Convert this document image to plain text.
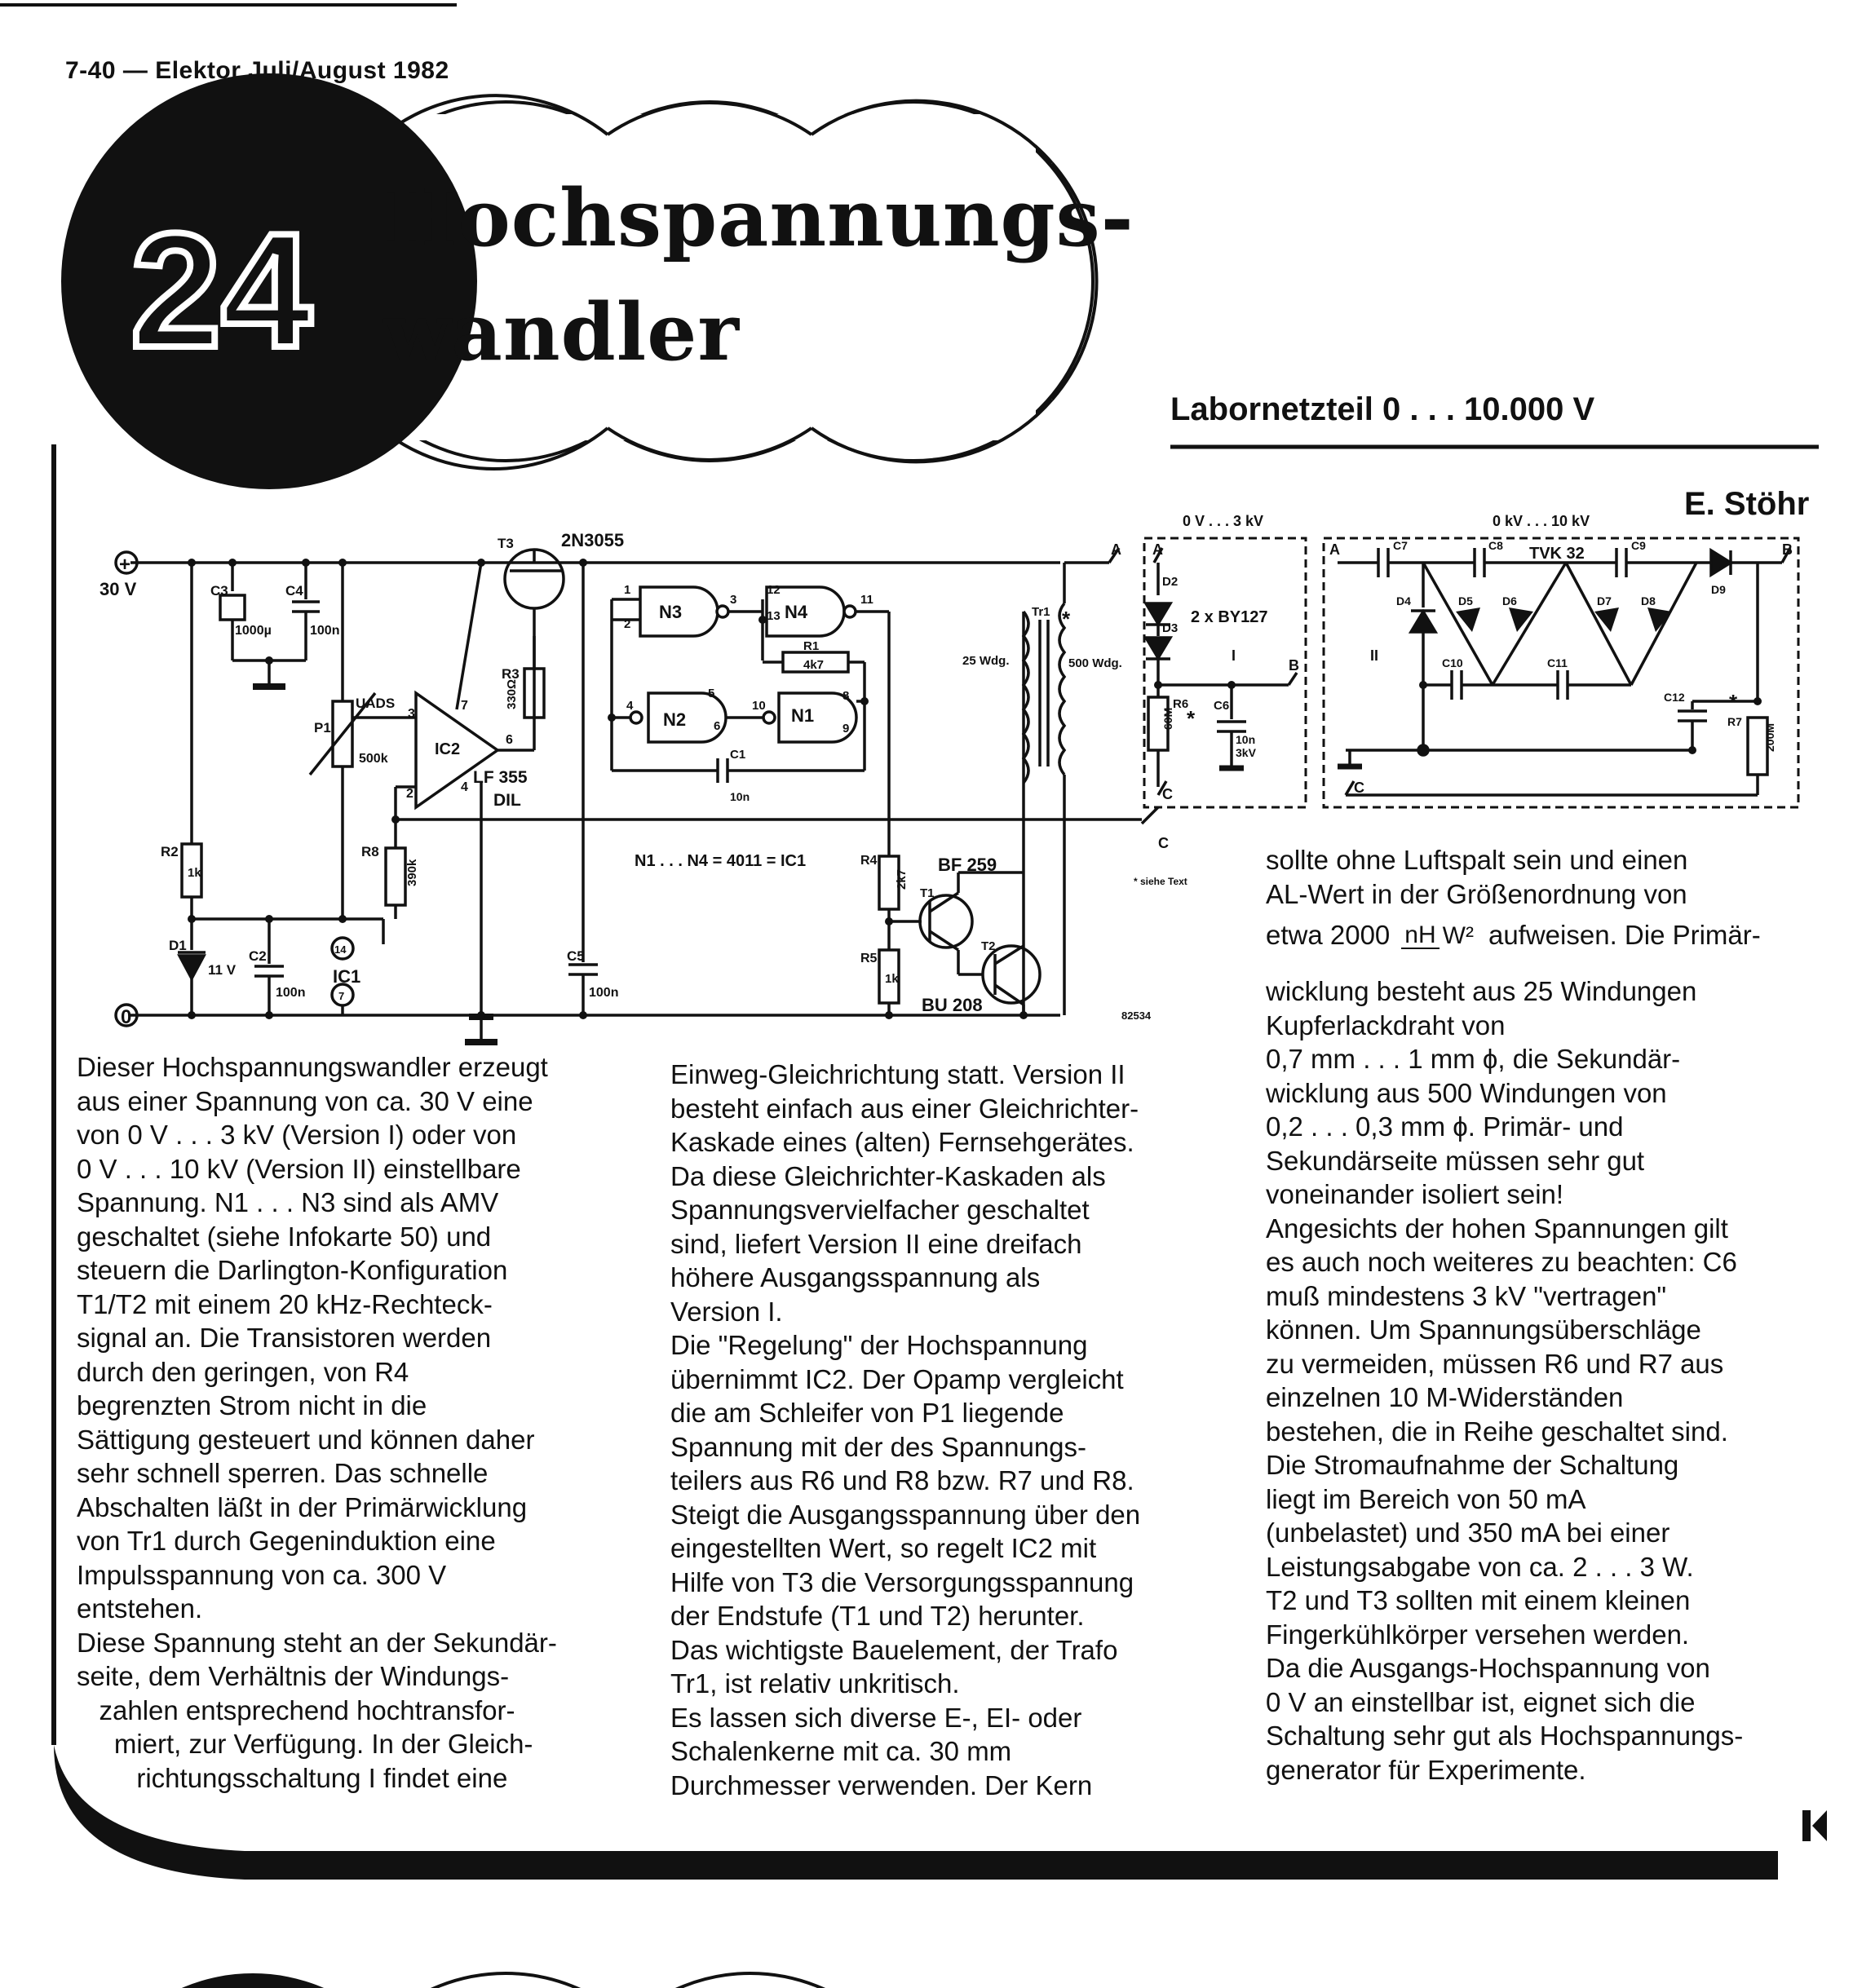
24
+
0
30 V	C3
1000µ
C4
100n
T3	2N3055
R3
330Ω
UADS
P1
500k
IC2
LF 355
DIL
3
2
6
7
4
R8
390k
R2
1k
D1
11 V
C2
100n
IC1
14
7
C5
100n
N1
N2
N3	N4
1
2
3
4
5
6
8
9
10
11
12
13
R1
4k7
C1
10n
N1 . . . N4 = 4011 = IC1	R4
2k7
R5
1k
T1
BF 259
T2
BU 208
Tr1
25 Wdg.	500 Wdg.
*
A A	A
B
B
C	C
C
* siehe Text
82534
0 V . . . 3 kV
I
D2
D3
2 x BY127
R6
60M *
C6
10n
3kV
0 kV . . . 10 kV
II
TVK 32
C7	C8	C9
C10	C11
C12
D4	D5	D6	D7	D8
D9
R7
*
200M
7-40 — Elektor Juli/August 1982
Hochspannungs-
wandler
Labornetzteil 0 . . . 10.000 V
E. Stöhr
Dieser Hochspannungswandler erzeugt
aus einer Spannung von ca. 30 V eine
von 0 V . . . 3 kV (Version I) oder von
0 V . . . 10 kV (Version II) einstellbare
Spannung. N1 . . . N3 sind als AMV
geschaltet (siehe Infokarte 50) und
steuern die Darlington-Konfiguration
T1/T2 mit einem 20 kHz-Rechteck-
signal an. Die Transistoren werden
durch den geringen, von R4
begrenzten Strom nicht in die
Sättigung gesteuert und können daher
sehr schnell sperren. Das schnelle
Abschalten läßt in der Primärwicklung
von Tr1 durch Gegeninduktion eine
Impulsspannung von ca. 300 V
entstehen.
Diese Spannung steht an der Sekundär-
seite, dem Verhältnis der Windungs-
zahlen entsprechend hochtransfor-
miert, zur Verfügung. In der Gleich-
richtungsschaltung I findet eine
Einweg-Gleichrichtung statt. Version II
besteht einfach aus einer Gleichrichter-
Kaskade eines (alten) Fernsehgerätes.
Da diese Gleichrichter-Kaskaden als
Spannungsvervielfacher geschaltet
sind, liefert Version II eine dreifach
höhere Ausgangsspannung als
Version I.
Die "Regelung" der Hochspannung
übernimmt IC2. Der Opamp vergleicht
die am Schleifer von P1 liegende
Spannung mit der des Spannungs-
teilers aus R6 und R8 bzw. R7 und R8.
Steigt die Ausgangsspannung über den
eingestellten Wert, so regelt IC2 mit
Hilfe von T3 die Versorgungsspannung
der Endstufe (T1 und T2) herunter.
Das wichtigste Bauelement, der Trafo
Tr1, ist relativ unkritisch.
Es lassen sich diverse E-, EI- oder
Schalenkerne mit ca. 30 mm
Durchmesser verwenden. Der Kern
sollte ohne Luftspalt sein und einen
AL-Wert in der Größenordnung von
etwa 2000 nH W² aufweisen. Die Primär-
wicklung besteht aus 25 Windungen
Kupferlackdraht von
0,7 mm . . . 1 mm ϕ, die Sekundär-
wicklung aus 500 Windungen von
0,2 . . . 0,3 mm ϕ. Primär- und
Sekundärseite müssen sehr gut
voneinander isoliert sein!
Angesichts der hohen Spannungen gilt
es auch noch weiteres zu beachten: C6
muß mindestens 3 kV "vertragen"
können. Um Spannungsüberschläge
zu vermeiden, müssen R6 und R7 aus
einzelnen 10 M-Widerständen
bestehen, die in Reihe geschaltet sind.
Die Stromaufnahme der Schaltung
liegt im Bereich von 50 mA
(unbelastet) und 350 mA bei einer
Leistungsabgabe von ca. 2 . . . 3 W.
T2 und T3 sollten mit einem kleinen
Fingerkühlkörper versehen werden.
Da die Ausgangs-Hochspannung von
0 V an einstellbar ist, eignet sich die
Schaltung sehr gut als Hochspannungs-
generator für Experimente.
